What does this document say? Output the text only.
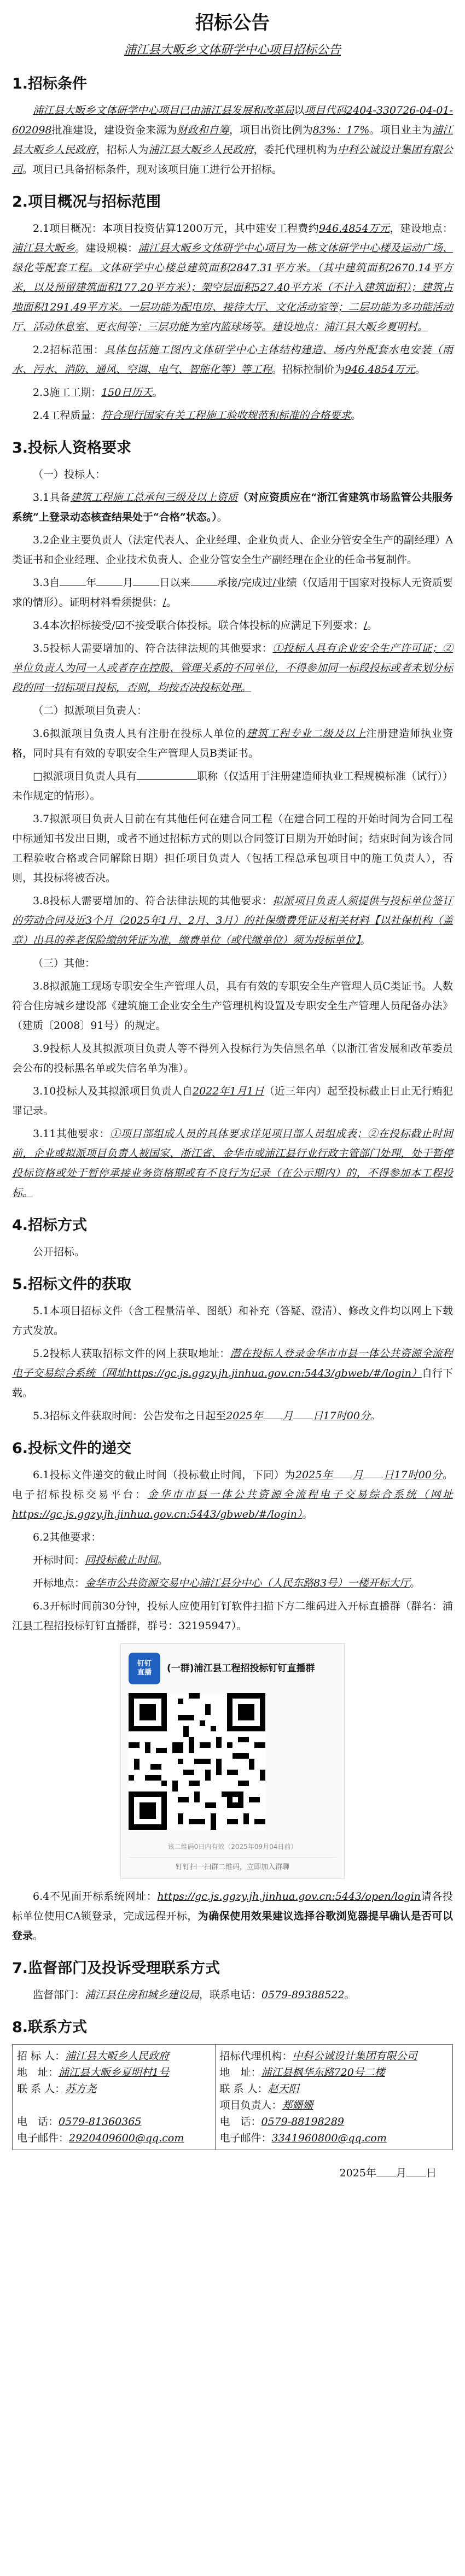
招标公告
浦江县大畈乡文体研学中心项目招标公告
1.招标条件

浦江县大畈乡文体研学中心项目已由浦江县发展和改革局以项目代码2404-330726-04-01-602098批准建设，建设资金来源为财政和自筹，项目出资比例为83%：17%。项目业主为浦江县大畈乡人民政府，招标人为浦江县大畈乡人民政府，委托代理机构为中科公诚设计集团有限公司。项目已具备招标条件，现对该项目施工进行公开招标。

2.项目概况与招标范围

2.1项目概况：本项目投资估算1200万元，其中建安工程费约946.4854万元，建设地点：浦江县大畈乡。建设规模：浦江县大畈乡文体研学中心项目为一栋文体研学中心楼及运动广场、绿化等配套工程。文体研学中心楼总建筑面积2847.31平方米。（其中建筑面积2670.14平方米，以及预留建筑面积177.20平方米）；架空层面积527.40平方米（不计入建筑面积）；建筑占地面积1291.49平方米。一层功能为配电房、接待大厅、文化活动室等；二层功能为多功能活动厅、活动休息室、更衣间等；三层功能为室内篮球场等。建设地点：浦江县大畈乡夏明村。

2.2招标范围：具体包括施工图内文体研学中心主体结构建造、场内外配套水电安装（雨水、污水、消防、通风、空调、电气、智能化等）等工程。招标控制价为946.4854万元。

2.3施工工期：150日历天。

2.4工程质量：符合现行国家有关工程施工验收规范和标准的合格要求。

3.投标人资格要求

（一）投标人：

3.1具备建筑工程施工总承包三级及以上资质（对应资质应在“浙江省建筑市场监管公共服务系统”上登录动态核查结果处于“合格”状态。）。

3.2企业主要负责人（法定代表人、企业经理、企业负责人、企业分管安全生产的副经理）A类证书和企业经理、企业技术负责人、企业分管安全生产副经理在企业的任命书复制件。

3.3自	年	月	日以来	承接/完成过/业绩（仅适用于国家对投标人无资质要求的情形）。证明材料看须提供：/。

3.4本次招标接受/☑不接受联合体投标。联合体投标的应满足下列要求：/。

3.5投标人需要增加的、符合法律法规的其他要求：①投标人具有企业安全生产许可证；②单位负责人为同一人或者存在控股、管理关系的不同单位，不得参加同一标段投标或者未划分标段的同一招标项目投标，否则，均按否决投标处理。

（二）拟派项目负责人：

3.6拟派项目负责人具有注册在投标人单位的建筑工程专业二级及以上注册建造师执业资格，同时具有有效的专职安全生产管理人员B类证书。

□拟派项目负责人具有	职称（仅适用于注册建造师执业工程规模标准（试行））未作规定的情形）。

3.7拟派项目负责人目前在有其他任何在建合同工程（在建合同工程的开始时间为合同工程中标通知书发出日期，或者不通过招标方式的则以合同签订日期为开始时间；结束时间为该合同工程验收合格或合同解除日期）担任项目负责人（包括工程总承包项目中的施工负责人），否则，其投标将被否决。

3.8投标人需要增加的、符合法律法规的其他要求：拟派项目负责人须提供与投标单位签订的劳动合同及近3个月（2025年1月、2月、3月）的社保缴费凭证及相关材料【以社保机构（盖章）出具的养老保险缴纳凭证为准，缴费单位（或代缴单位）须为投标单位】。

（三）其他：

3.8拟派施工现场专职安全生产管理人员，具有有效的专职安全生产管理人员C类证书。人数符合住房城乡建设部《建筑施工企业安全生产管理机构设置及专职安全生产管理人员配备办法》（建质〔2008〕91号）的规定。

3.9投标人及其拟派项目负责人等不得列入投标行为失信黑名单（以浙江省发展和改革委员会公布的投标黑名单或失信名单为准）。

3.10投标人及其拟派项目负责人自2022年1月1日（近三年内）起至投标截止日止无行贿犯罪记录。

3.11其他要求：①项目部组成人员的具体要求详见项目部人员组成表；②在投标截止时间前，企业或拟派项目负责人被国家、浙江省、金华市或浦江县行业行政主管部门处理，处于暂停投标资格或处于暂停承接业务资格期或有不良行为记录（在公示期内）的，不得参加本工程投标。

4.招标方式

公开招标。

5.招标文件的获取

5.1本项目招标文件（含工程量清单、图纸）和补充（答疑、澄清）、修改文件均以网上下载方式发放。

5.2投标人获取招标文件的网上获取地址：潜在投标人登录金华市市县一体公共资源全流程电子交易综合系统（网址https://gc.js.ggzy.jh.jinhua.gov.cn:5443/gbweb/#/login）自行下载。

5.3招标文件获取时间：公告发布之日起至2025年 月 日17时00分。

6.投标文件的递交

6.1投标文件递交的截止时间（投标截止时间，下同）为2025年 月 日17时00分。电子招标投标交易平台：金华市市县一体公共资源全流程电子交易综合系统（网址https://gc.js.ggzy.jh.jinhua.gov.cn:5443/gbweb/#/login）。

6.2其他要求：

开标时间：同投标截止时间。

开标地点：金华市公共资源交易中心浦江县分中心（人民东路83号）一楼开标大厅。

6.3开标时间前30分钟，投标人应使用钉钉软件扫描下方二维码进入开标直播群（群名：浦江县工程招投标钉钉直播群，群号：32195947）。

钉钉
直播	(一群)浦江县工程招投标钉钉直播群
该二维码0日内有效（2025年09月04日前）
钉钉扫一扫群二维码，立即加入群聊

6.4不见面开标系统网址：https://gc.js.ggzy.jh.jinhua.gov.cn:5443/open/login请各投标单位使用CA锁登录，完成远程开标，为确保使用效果建议选择谷歌浏览器提早确认是否可以登录。

7.监督部门及投诉受理联系方式

监督部门：浦江县住房和城乡建设局，联系电话：0579-89388522。

8.联系方式
招 标 人：浦江县大畈乡人民政府
地　址：浦江县大畈乡夏明村1号
联 系 人：苏方尧

电　话：0579-81360365
电子邮件：2920409600@qq.com

招标代理机构：中科公诚设计集团有限公司
地　址：浦江县枫华东路720号二楼
联 系 人：赵天阳
项目负责人：郑姗姗
电　话：0579-88198289
电子邮件：3341960800@qq.com

2025年 月 日
